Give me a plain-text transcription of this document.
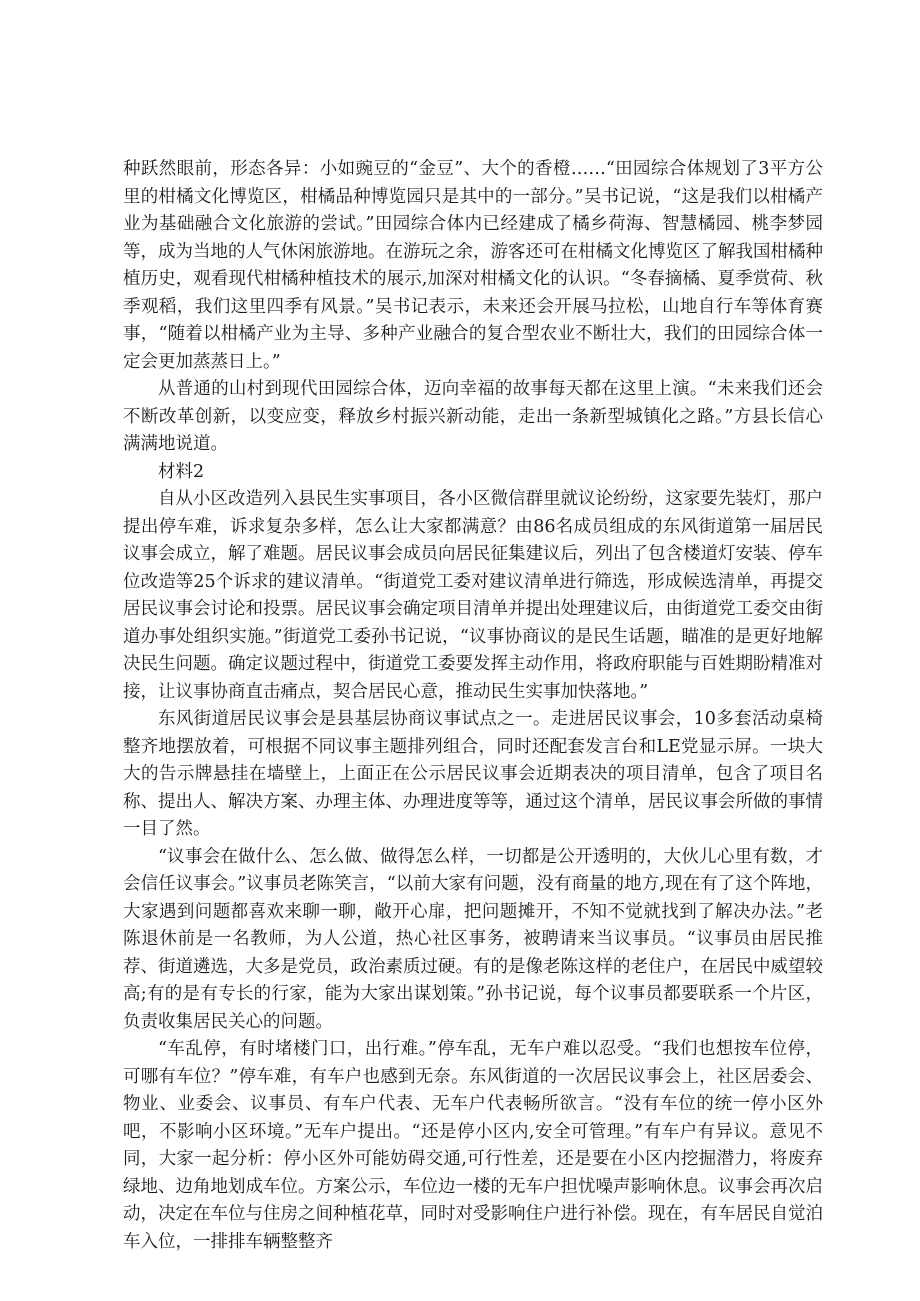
种跃然眼前，形态各异：小如豌豆的“金豆”、大个的香橙……“田园综合体规划了3平方公里的柑橘文化博览区，柑橘品种博览园只是其中的一部分。”吴书记说，“这是我们以柑橘产业为基础融合文化旅游的尝试。”田园综合体内已经建成了橘乡荷海、智慧橘园、桃李梦园等，成为当地的人气休闲旅游地。在游玩之余，游客还可在柑橘文化博览区了解我国柑橘种植历史，观看现代柑橘种植技术的展示,加深对柑橘文化的认识。“冬春摘橘、夏季赏荷、秋季观稻，我们这里四季有风景。”吴书记表示，未来还会开展马拉松，山地自行车等体育赛事，“随着以柑橘产业为主导、多种产业融合的复合型农业不断壮大，我们的田园综合体一定会更加蒸蒸日上。”

从普通的山村到现代田园综合体，迈向幸福的故事每天都在这里上演。“未来我们还会不断改革创新，以变应变，释放乡村振兴新动能，走出一条新型城镇化之路。”方县长信心满满地说道。

材料2

自从小区改造列入县民生实事项目，各小区微信群里就议论纷纷，这家要先装灯，那户提出停车难，诉求复杂多样，怎么让大家都满意？由86名成员组成的东风街道第一届居民议事会成立，解了难题。居民议事会成员向居民征集建议后，列出了包含楼道灯安装、停车位改造等25个诉求的建议清单。“街道党工委对建议清单进行筛选，形成候选清单，再提交居民议事会讨论和投票。居民议事会确定项目清单并提出处理建议后，由街道党工委交由街道办事处组织实施。”街道党工委孙书记说，“议事协商议的是民生话题，瞄准的是更好地解决民生问题。确定议题过程中，街道党工委要发挥主动作用，将政府职能与百姓期盼精准对接，让议事协商直击痛点，契合居民心意，推动民生实事加快落地。”

东风街道居民议事会是县基层协商议事试点之一。走进居民议事会，10多套活动桌椅整齐地摆放着，可根据不同议事主题排列组合，同时还配套发言台和LE党显示屏。一块大大的告示牌悬挂在墙壁上，上面正在公示居民议事会近期表决的项目清单，包含了项目名称、提出人、解决方案、办理主体、办理进度等等，通过这个清单，居民议事会所做的事情一目了然。

“议事会在做什么、怎么做、做得怎么样，一切都是公开透明的，大伙儿心里有数，才会信任议事会。”议事员老陈笑言，“以前大家有问题，没有商量的地方,现在有了这个阵地，大家遇到问题都喜欢来聊一聊，敞开心扉，把问题摊开，不知不觉就找到了解决办法。”老陈退休前是一名教师，为人公道，热心社区事务，被聘请来当议事员。“议事员由居民推荐、街道遴选，大多是党员，政治素质过硬。有的是像老陈这样的老住户，在居民中威望较高;有的是有专长的行家，能为大家出谋划策。”孙书记说，每个议事员都要联系一个片区，负责收集居民关心的问题。

“车乱停，有时堵楼门口，出行难。”停车乱，无车户难以忍受。“我们也想按车位停，可哪有车位？”停车难，有车户也感到无奈。东风街道的一次居民议事会上，社区居委会、物业、业委会、议事员、有车户代表、无车户代表畅所欲言。“没有车位的统一停小区外吧，不影响小区环境。”无车户提出。“还是停小区内,安全可管理。”有车户有异议。意见不同，大家一起分析：停小区外可能妨碍交通,可行性差，还是要在小区内挖掘潜力，将废弃绿地、边角地划成车位。方案公示，车位边一楼的无车户担忧噪声影响休息。议事会再次启动，决定在车位与住房之间种植花草，同时对受影响住户进行补偿。现在，有车居民自觉泊车入位，一排排车辆整整齐
